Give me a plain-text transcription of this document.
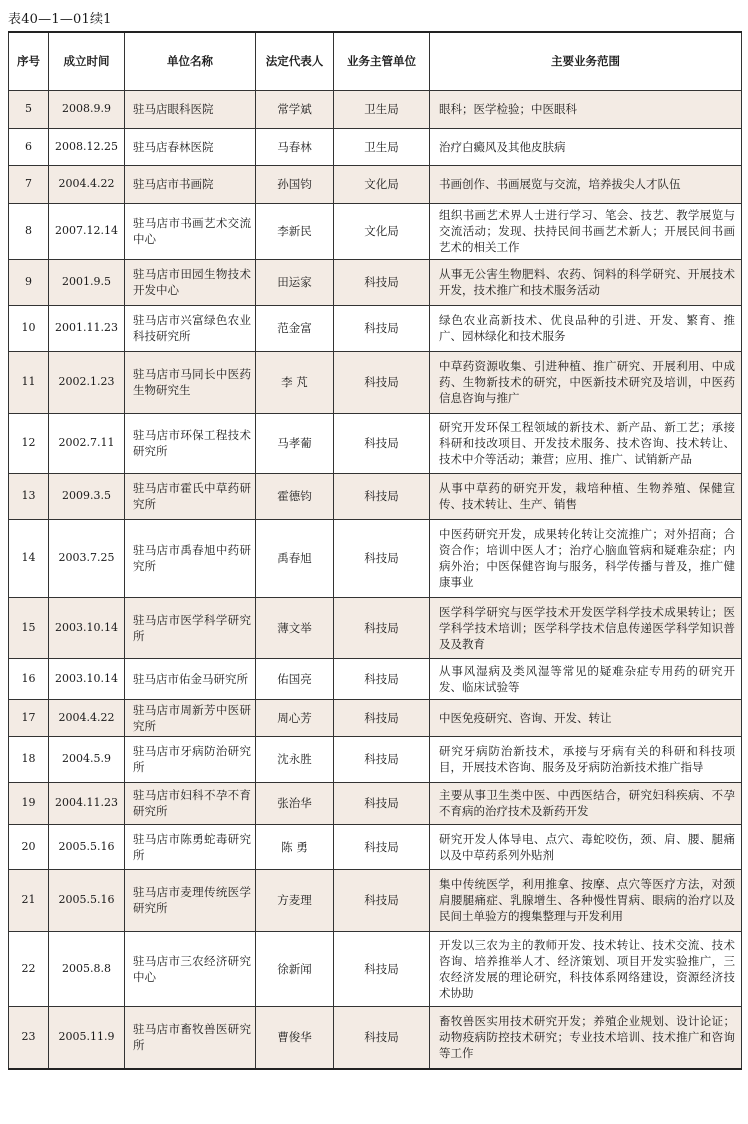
表40—1—01续1
序号	成立时间	单位名称	法定代表人	业务主管单位	主要业务范围
5	2008.9.9	驻马店眼科医院	常学斌	卫生局	眼科；医学检验；中医眼科
6	2008.12.25	驻马店春林医院	马春林	卫生局	治疗白癜风及其他皮肤病
7	2004.4.22	驻马店市书画院	孙国钧	文化局	书画创作、书画展览与交流，培养拔尖人才队伍
8	2007.12.14	驻马店市书画艺术交流中心	李新民	文化局	组织书画艺术界人士进行学习、笔会、技艺、教学展览与交流活动；发现、扶持民间书画艺术新人；开展民间书画艺术的相关工作
9	2001.9.5	驻马店市田园生物技术开发中心	田运家	科技局	从事无公害生物肥料、农药、饲料的科学研究、开展技术开发，技术推广和技术服务活动
10	2001.11.23	驻马店市兴富绿色农业科技研究所	范金富	科技局	绿色农业高新技术、优良品种的引进、开发、繁育、推广、园林绿化和技术服务
11	2002.1.23	驻马店市马同长中医药生物研究生	李 芃	科技局	中草药资源收集、引进种植、推广研究、开展利用、中成药、生物新技术的研究，中医新技术研究及培训，中医药信息咨询与推广
12	2002.7.11	驻马店市环保工程技术研究所	马孝葡	科技局	研究开发环保工程领域的新技术、新产品、新工艺；承接科研和技改项目、开发技术服务、技术咨询、技术转让、技术中介等活动；兼营；应用、推广、试销新产品
13	2009.3.5	驻马店市霍氏中草药研究所	霍德钧	科技局	从事中草药的研究开发，栽培种植、生物养殖、保健宣传、技术转让、生产、销售
14	2003.7.25	驻马店市禹春旭中药研究所	禹春旭	科技局	中医药研究开发，成果转化转让交流推广；对外招商；合资合作；培训中医人才；治疗心脑血管病和疑难杂症；内病外治；中医保健咨询与服务，科学传播与普及，推广健康事业
15	2003.10.14	驻马店市医学科学研究所	薄文举	科技局	医学科学研究与医学技术开发医学科学技术成果转让；医学科学技术培训；医学科学技术信息传递医学科学知识普及及教育
16	2003.10.14	驻马店市佑金马研究所	佑国亮	科技局	从事风湿病及类风湿等常见的疑难杂症专用药的研究开发、临床试验等
17	2004.4.22	驻马店市周新芳中医研究所	周心芳	科技局	中医免疫研究、咨询、开发、转让
18	2004.5.9	驻马店市牙病防治研究所	沈永胜	科技局	研究牙病防治新技术，承接与牙病有关的科研和科技项目，开展技术咨询、服务及牙病防治新技术推广指导
19	2004.11.23	驻马店市妇科不孕不育研究所	张治华	科技局	主要从事卫生类中医、中西医结合，研究妇科疾病、不孕不育病的治疗技术及新药开发
20	2005.5.16	驻马店市陈勇蛇毒研究所	陈 勇	科技局	研究开发人体导电、点穴、毒蛇咬伤，颈、肩、腰、腿痛以及中草药系列外贴剂
21	2005.5.16	驻马店市麦理传统医学研究所	方麦理	科技局	集中传统医学，利用推拿、按摩、点穴等医疗方法，对颈肩腰腿痛症、乳腺增生、各种慢性胃病、眼病的治疗以及民间土单验方的搜集整理与开发利用
22	2005.8.8	驻马店市三农经济研究中心	徐新闻	科技局	开发以三农为主的教师开发、技术转让、技术交流、技术咨询、培养推举人才、经济策划、项目开发实验推广，三农经济发展的理论研究，科技体系网络建设，资源经济技术协助
23	2005.11.9	驻马店市畜牧兽医研究所	曹俊华	科技局	畜牧兽医实用技术研究开发；养殖企业规划、设计论证；动物疫病防控技术研究；专业技术培训、技术推广和咨询等工作
